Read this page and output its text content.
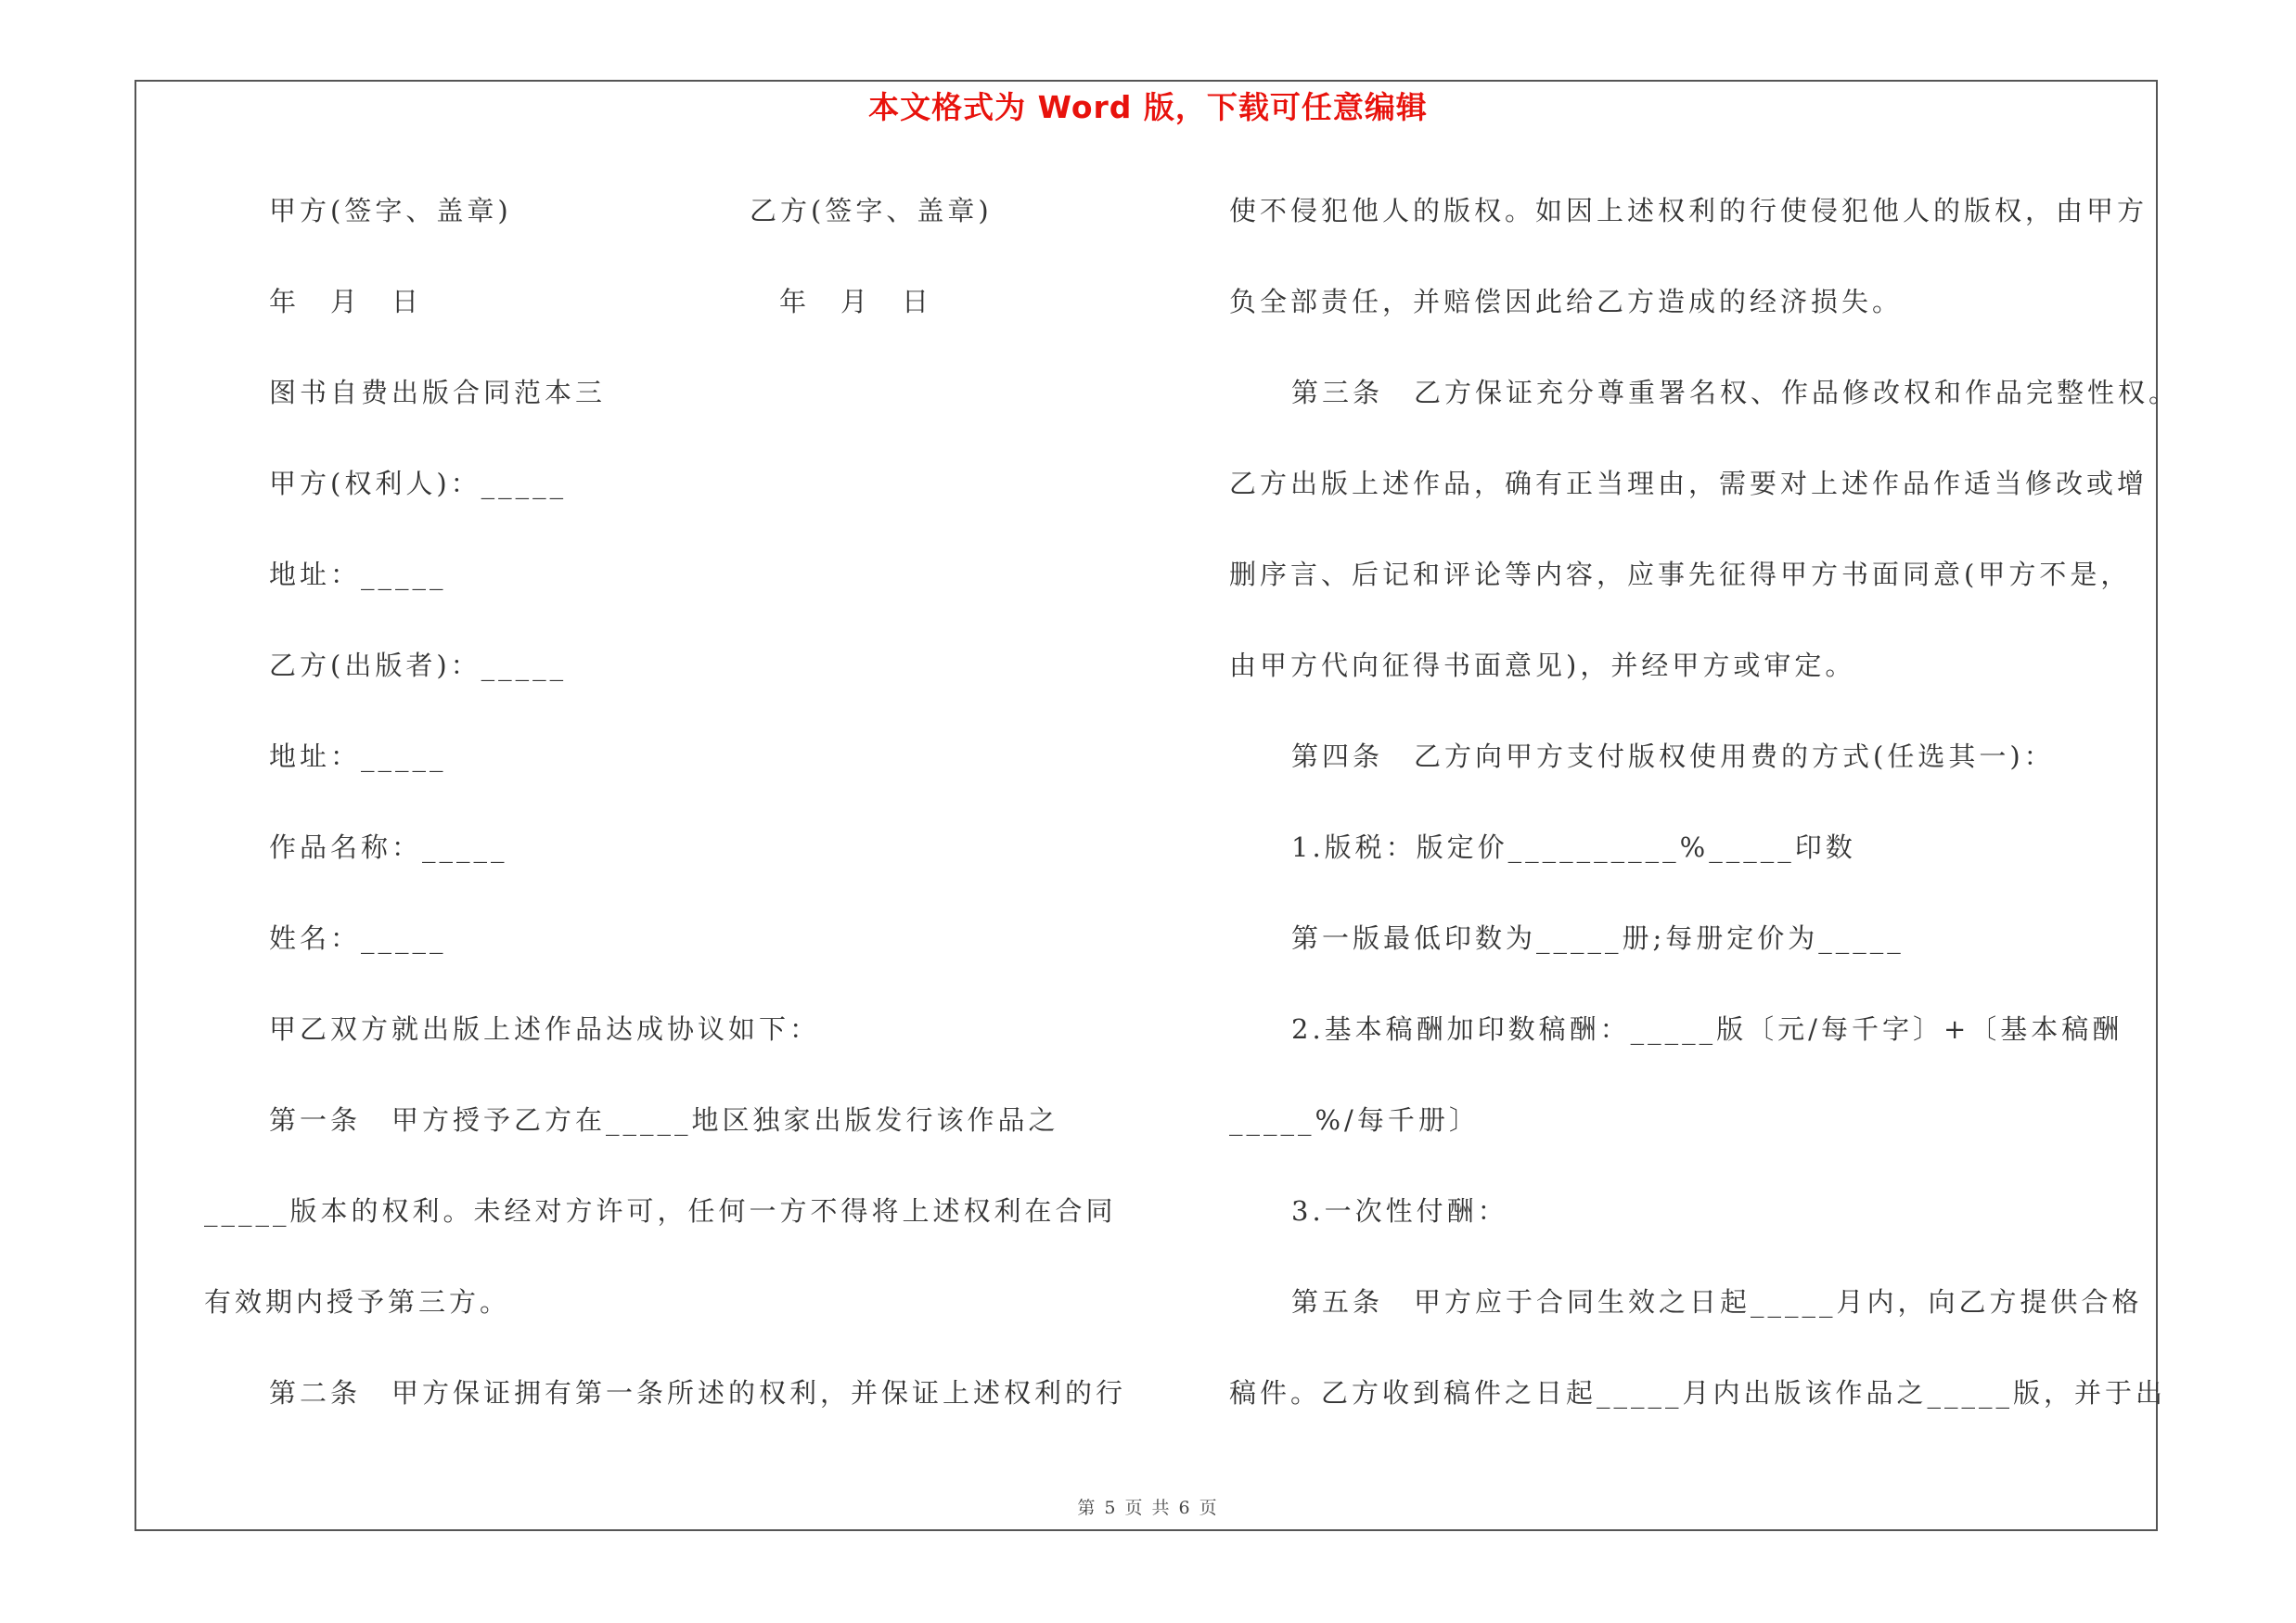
本文格式为 Word 版，下载可任意编辑
甲方(签字、盖章)	乙方(签字、盖章)
年　月　日	年　月　日
图书自费出版合同范本三
甲方(权利人)：_____
地址：_____
乙方(出版者)：_____
地址：_____
作品名称：_____
姓名：_____
甲乙双方就出版上述作品达成协议如下：
第一条　甲方授予乙方在_____地区独家出版发行该作品之
_____版本的权利。未经对方许可，任何一方不得将上述权利在合同
有效期内授予第三方。
第二条　甲方保证拥有第一条所述的权利，并保证上述权利的行
使不侵犯他人的版权。如因上述权利的行使侵犯他人的版权，由甲方
负全部责任，并赔偿因此给乙方造成的经济损失。
第三条　乙方保证充分尊重署名权、作品修改权和作品完整性权。
乙方出版上述作品，确有正当理由，需要对上述作品作适当修改或增
删序言、后记和评论等内容，应事先征得甲方书面同意(甲方不是，
由甲方代向征得书面意见)，并经甲方或审定。
第四条　乙方向甲方支付版权使用费的方式(任选其一)：
1.版税：版定价__________%_____印数
第一版最低印数为_____册;每册定价为_____
2.基本稿酬加印数稿酬：_____版〔元/每千字〕+〔基本稿酬
_____%/每千册〕
3.一次性付酬：
第五条　甲方应于合同生效之日起_____月内，向乙方提供合格
稿件。乙方收到稿件之日起_____月内出版该作品之_____版，并于出
第 5 页 共 6 页
